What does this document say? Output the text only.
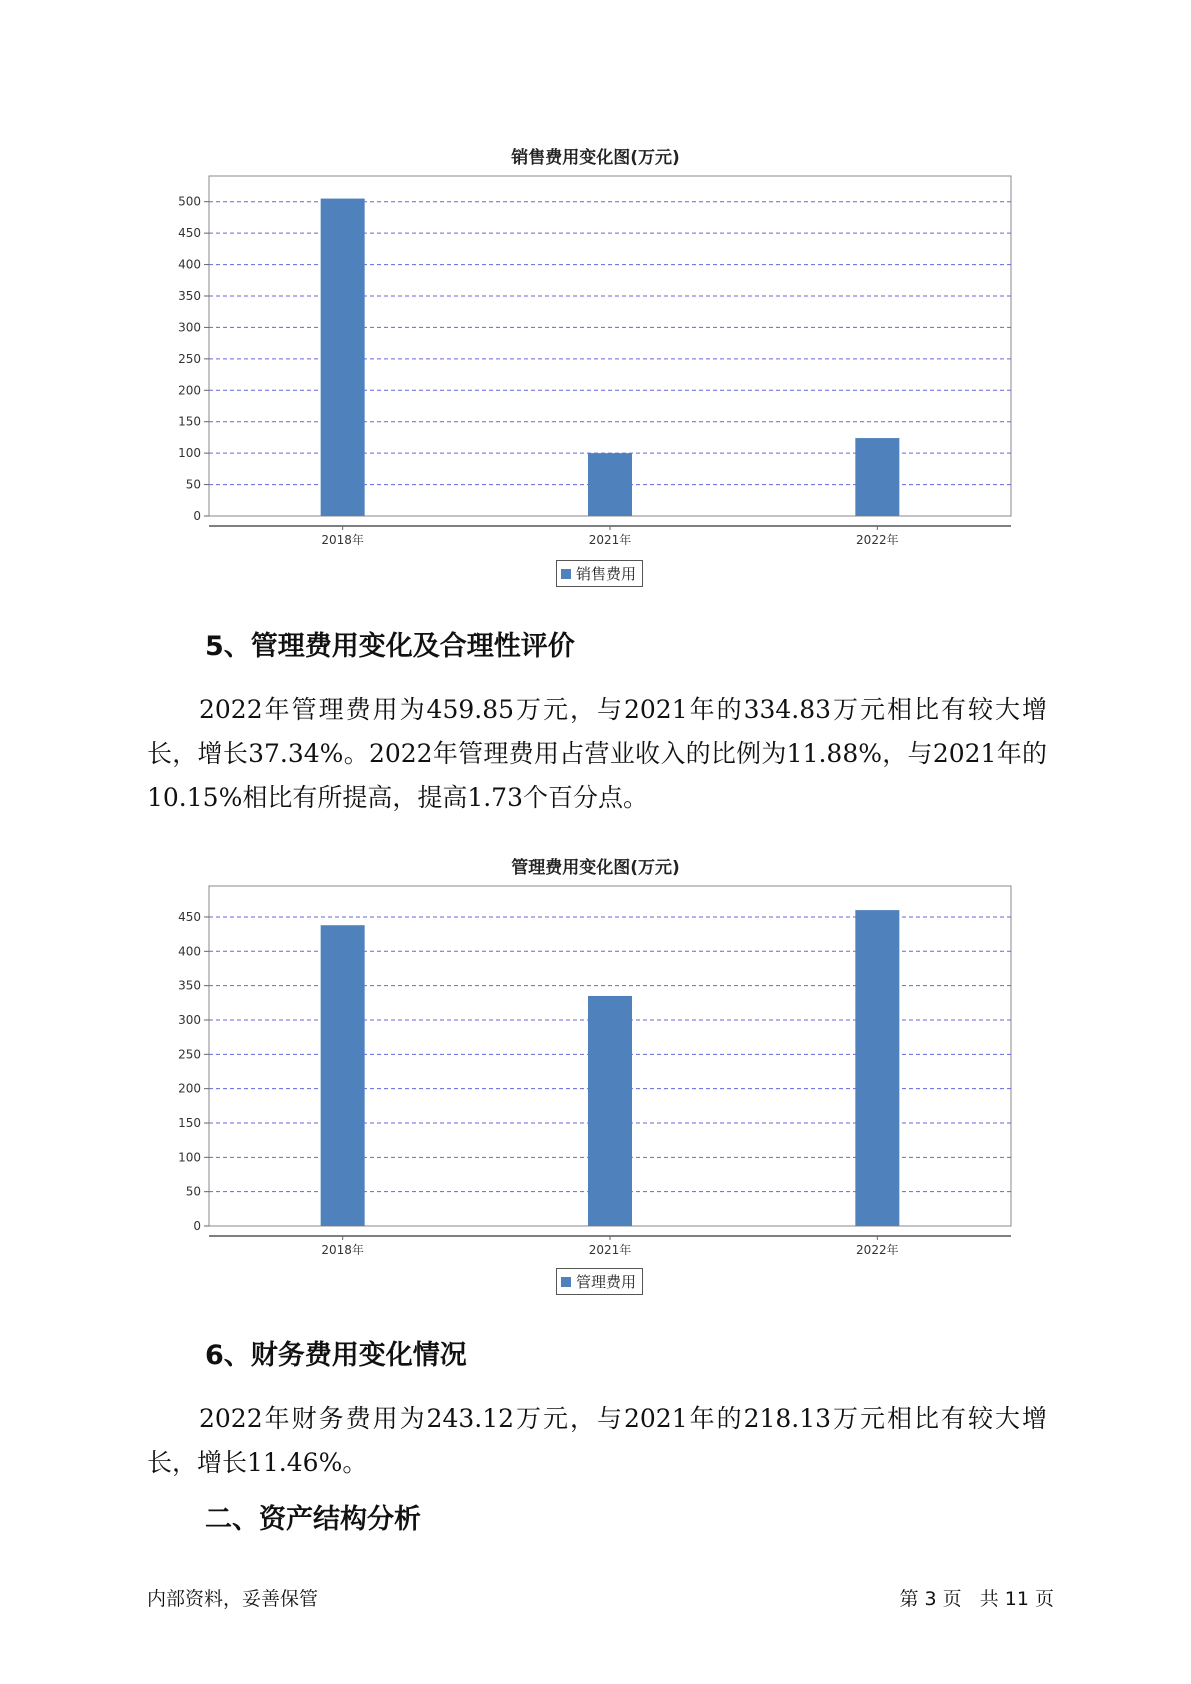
销售费用变化图(万元)
0
50
100
150
200
250
300
350
400
450
500
2018年	2021年	2022年
销售费用
5、管理费用变化及合理性评价
2022年管理费用为459.85万元，与2021年的334.83万元相比有较大增长，增长37.34%。2022年管理费用占营业收入的比例为11.88%，与2021年的10.15%相比有所提高，提高1.73个百分点。
管理费用变化图(万元)
0
50
100
150
200
250
300
350
400
450
2018年	2021年	2022年
管理费用
6、财务费用变化情况
2022年财务费用为243.12万元，与2021年的218.13万元相比有较大增长，增长11.46%。
二、资产结构分析
内部资料，妥善保管	第 3 页   共 11 页
